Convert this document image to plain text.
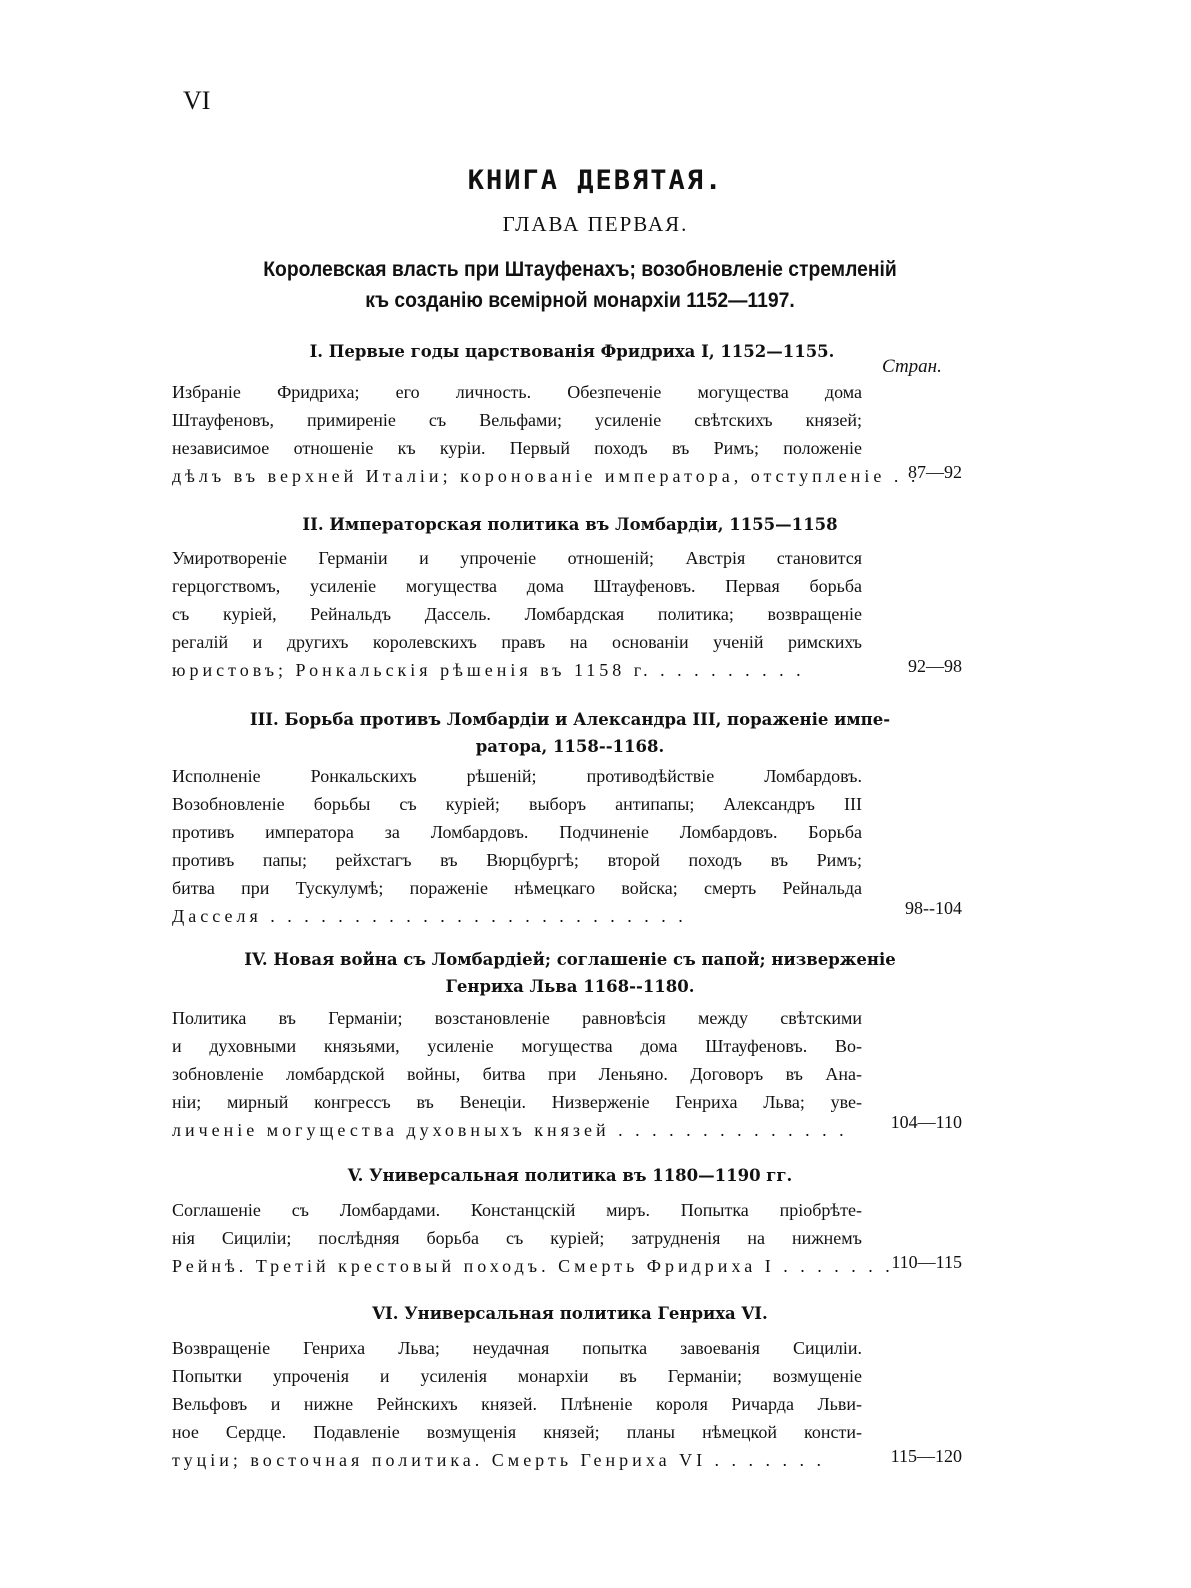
VI
КНИГА ДЕВЯТАЯ.
ГЛАВА ПЕРВАЯ.
Королевская власть при Штауфенахъ; возобновленіе стремленій
къ созданію всемірной монархіи 1152—1197.
Стран.
I. Первые годы царствованія Фридриха I, 1152—1155.
Избраніе Фридриха; его личность. Обезпеченіе могущества дома
Штауфеновъ, примиреніе съ Вельфами; усиленіе свѣтскихъ князей;
независимое отношеніе къ куріи. Первый походъ въ Римъ; положеніе
дѣлъ въ верхней Италіи; коронованіе императора, отступленіе . .
87—92
II. Императорская политика въ Ломбардіи, 1155—1158
Умиротвореніе Германіи и упроченіе отношеній; Австрія становится
герцогствомъ, усиленіе могущества дома Штауфеновъ. Первая борьба
съ куріей, Рейнальдъ Дассель. Ломбардская политика; возвращеніе
регалій и другихъ королевскихъ правъ на основаніи ученій римскихъ
юристовъ; Ронкальскія рѣшенія въ 1158 г. . . . . . . . . .	92—98
III. Борьба противъ Ломбардіи и Александра III, пораженіе импе-
ратора, 1158--1168.
Исполненіе Ронкальскихъ рѣшеній; противодѣйствіе Ломбардовъ.
Возобновленіе борьбы съ куріей; выборъ антипапы; Александръ III
противъ императора за Ломбардовъ. Подчиненіе Ломбардовъ. Борьба
противъ папы; рейхстагъ въ Вюрцбургѣ; второй походъ въ Римъ;
битва при Тускулумѣ; пораженіе нѣмецкаго войска; смерть Рейнальда
Дасселя . . . . . . . . . . . . . . . . . . . . . . . . .	98--104
IV. Новая война съ Ломбардіей; соглашеніе съ папой; низверженіе
Генриха Льва 1168--1180.
Политика въ Германіи; возстановленіе равновѣсія между свѣтскими
и духовными князьями, усиленіе могущества дома Штауфеновъ. Во-
зобновленіе ломбардской войны, битва при Леньяно. Договоръ въ Ана-
ніи; мирный конгрессъ въ Венеціи. Низверженіе Генриха Льва; уве-
личеніе могущества духовныхъ князей . . . . . . . . . . . . . .	104—110
V. Универсальная политика въ 1180—1190 гг.
Соглашеніе съ Ломбардами. Констанцскій миръ. Попытка пріобрѣте-
нія Сициліи; послѣдняя борьба съ куріей; затрудненія на нижнемъ
Рейнѣ. Третій крестовый походъ. Смерть Фридриха I . . . . . . .
110—115
VI. Универсальная политика Генриха VI.
Возвращеніе Генриха Льва; неудачная попытка завоеванія Сициліи.
Попытки упроченія и усиленія монархіи въ Германіи; возмущеніе
Вельфовъ и нижне Рейнскихъ князей. Плѣненіе короля Ричарда Льви-
ное Сердце. Подавленіе возмущенія князей; планы нѣмецкой консти-
туціи; восточная политика. Смерть Генриха VI . . . . . . .	115—120
